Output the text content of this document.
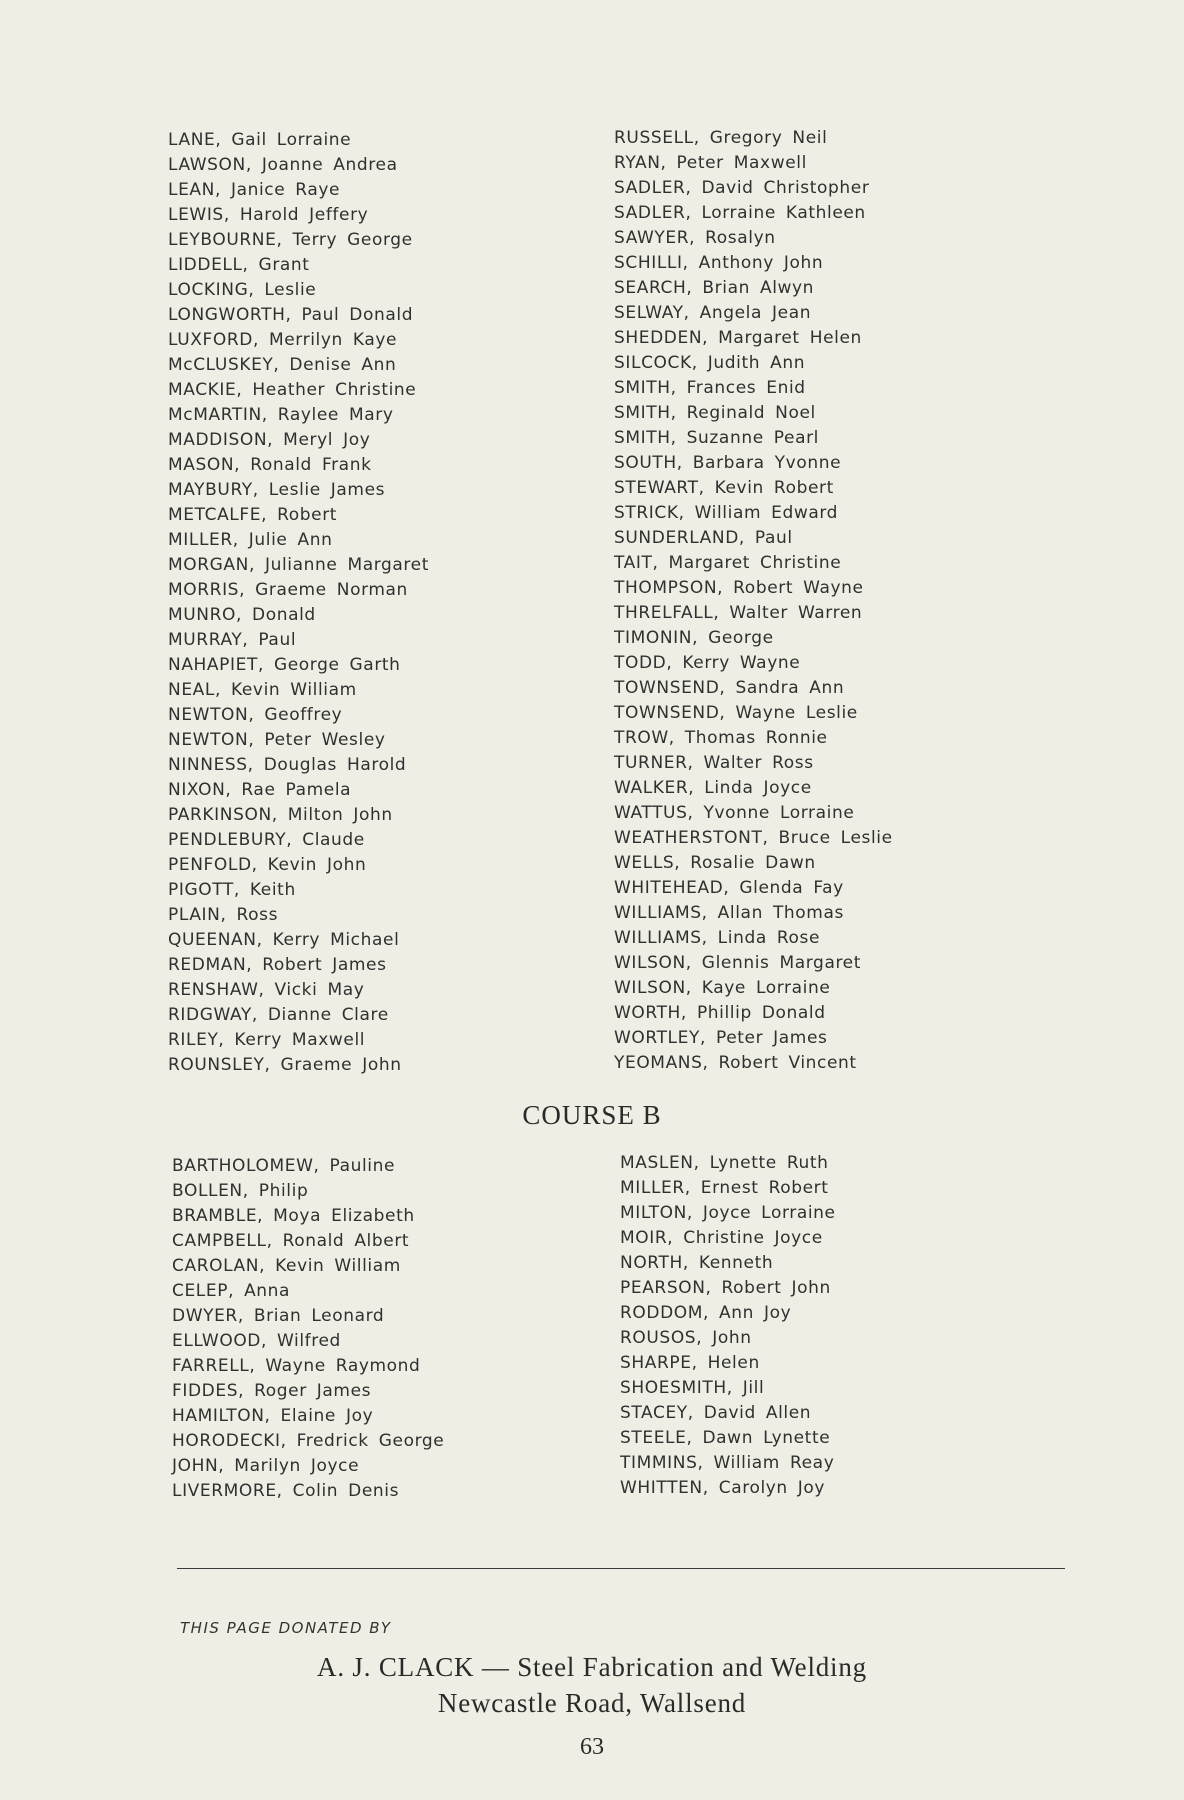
LANE, Gail Lorraine
LAWSON, Joanne Andrea
LEAN, Janice Raye
LEWIS, Harold Jeffery
LEYBOURNE, Terry George
LIDDELL, Grant
LOCKING, Leslie
LONGWORTH, Paul Donald
LUXFORD, Merrilyn Kaye
McCLUSKEY, Denise Ann
MACKIE, Heather Christine
McMARTIN, Raylee Mary
MADDISON, Meryl Joy
MASON, Ronald Frank
MAYBURY, Leslie James
METCALFE, Robert
MILLER, Julie Ann
MORGAN, Julianne Margaret
MORRIS, Graeme Norman
MUNRO, Donald
MURRAY, Paul
NAHAPIET, George Garth
NEAL, Kevin William
NEWTON, Geoffrey
NEWTON, Peter Wesley
NINNESS, Douglas Harold
NIXON, Rae Pamela
PARKINSON, Milton John
PENDLEBURY, Claude
PENFOLD, Kevin John
PIGOTT, Keith
PLAIN, Ross
QUEENAN, Kerry Michael
REDMAN, Robert James
RENSHAW, Vicki May
RIDGWAY, Dianne Clare
RILEY, Kerry Maxwell
ROUNSLEY, Graeme John
RUSSELL, Gregory Neil
RYAN, Peter Maxwell
SADLER, David Christopher
SADLER, Lorraine Kathleen
SAWYER, Rosalyn
SCHILLI, Anthony John
SEARCH, Brian Alwyn
SELWAY, Angela Jean
SHEDDEN, Margaret Helen
SILCOCK, Judith Ann
SMITH, Frances Enid
SMITH, Reginald Noel
SMITH, Suzanne Pearl
SOUTH, Barbara Yvonne
STEWART, Kevin Robert
STRICK, William Edward
SUNDERLAND, Paul
TAIT, Margaret Christine
THOMPSON, Robert Wayne
THRELFALL, Walter Warren
TIMONIN, George
TODD, Kerry Wayne
TOWNSEND, Sandra Ann
TOWNSEND, Wayne Leslie
TROW, Thomas Ronnie
TURNER, Walter Ross
WALKER, Linda Joyce
WATTUS, Yvonne Lorraine
WEATHERSTONT, Bruce Leslie
WELLS, Rosalie Dawn
WHITEHEAD, Glenda Fay
WILLIAMS, Allan Thomas
WILLIAMS, Linda Rose
WILSON, Glennis Margaret
WILSON, Kaye Lorraine
WORTH, Phillip Donald
WORTLEY, Peter James
YEOMANS, Robert Vincent
COURSE B
BARTHOLOMEW, Pauline
BOLLEN, Philip
BRAMBLE, Moya Elizabeth
CAMPBELL, Ronald Albert
CAROLAN, Kevin William
CELEP, Anna
DWYER, Brian Leonard
ELLWOOD, Wilfred
FARRELL, Wayne Raymond
FIDDES, Roger James
HAMILTON, Elaine Joy
HORODECKI, Fredrick George
JOHN, Marilyn Joyce
LIVERMORE, Colin Denis
MASLEN, Lynette Ruth
MILLER, Ernest Robert
MILTON, Joyce Lorraine
MOIR, Christine Joyce
NORTH, Kenneth
PEARSON, Robert John
RODDOM, Ann Joy
ROUSOS, John
SHARPE, Helen
SHOESMITH, Jill
STACEY, David Allen
STEELE, Dawn Lynette
TIMMINS, William Reay
WHITTEN, Carolyn Joy
THIS PAGE DONATED BY
A. J. CLACK — Steel Fabrication and Welding
Newcastle Road, Wallsend
63
